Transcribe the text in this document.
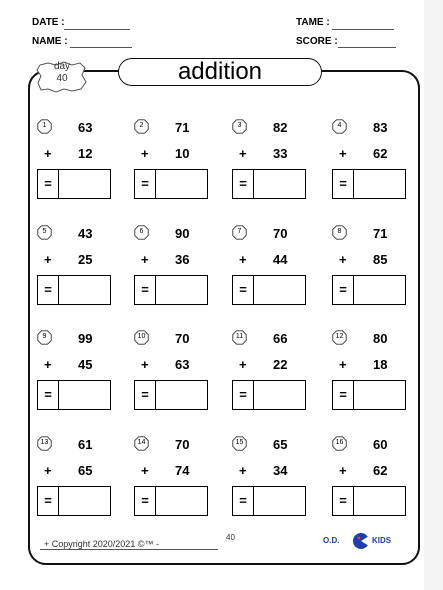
DATE :
NAME :
TAME :
SCORE :
day
40	addition
1	63
+ 12
=
2	71
+ 10
=
3	82
+ 33
=
4	83
+ 62
=
5	43
+ 25
=
6	90
+ 36
=
7	70
+ 44
=
8	71
+ 85
=
9	99
+ 45
=
10 70
+ 63
=
11 66
+ 22
=
12 80
+ 18
=
13 61
+ 65
=
14 70
+ 74
=
15 65
+ 34
=
16 60
+ 62
=
+ Copyright 2020/2021 ©™ -
40	O.D.	KIDS
